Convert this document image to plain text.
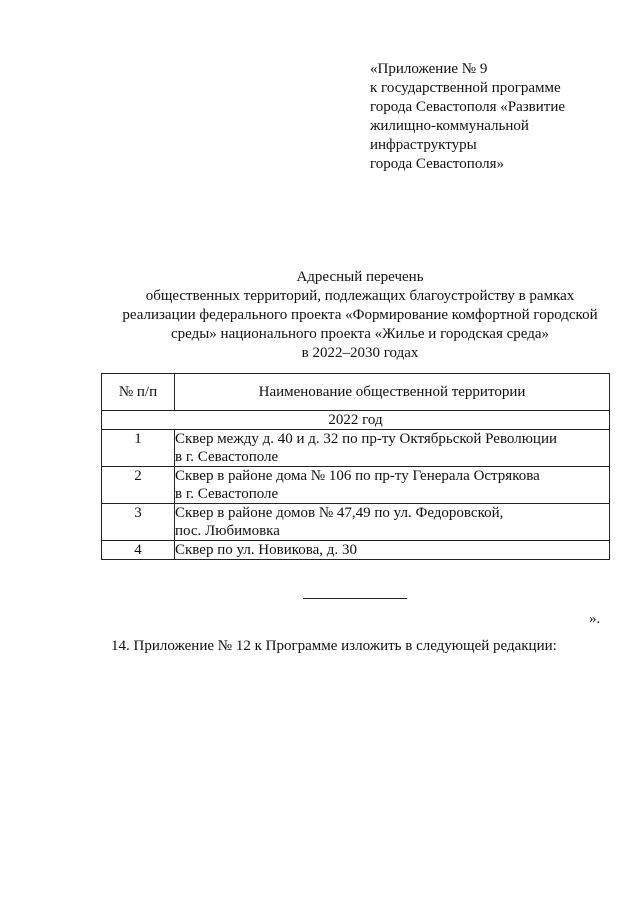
«Приложение № 9
к государственной программе
города Севастополя «Развитие
жилищно-коммунальной
инфраструктуры
города Севастополя»
Адресный перечень
общественных территорий, подлежащих благоустройству в рамках
реализации федерального проекта «Формирование комфортной городской
среды» национального проекта «Жилье и городская среда»
в 2022–2030 годах
№ п/п	Наименование общественной территории
2022 год	
1	Сквер между д. 40 и д. 32 по пр-ту Октябрьской Революции
в г. Севастополе

2	Сквер в районе дома № 106 по пр-ту Генерала Острякова
в г. Севастополе

3	Сквер в районе домов № 47,49 по ул. Федоровской,
пос. Любимовка

4	Сквер по ул. Новикова, д. 30
».
14. Приложение № 12 к Программе изложить в следующей редакции:
